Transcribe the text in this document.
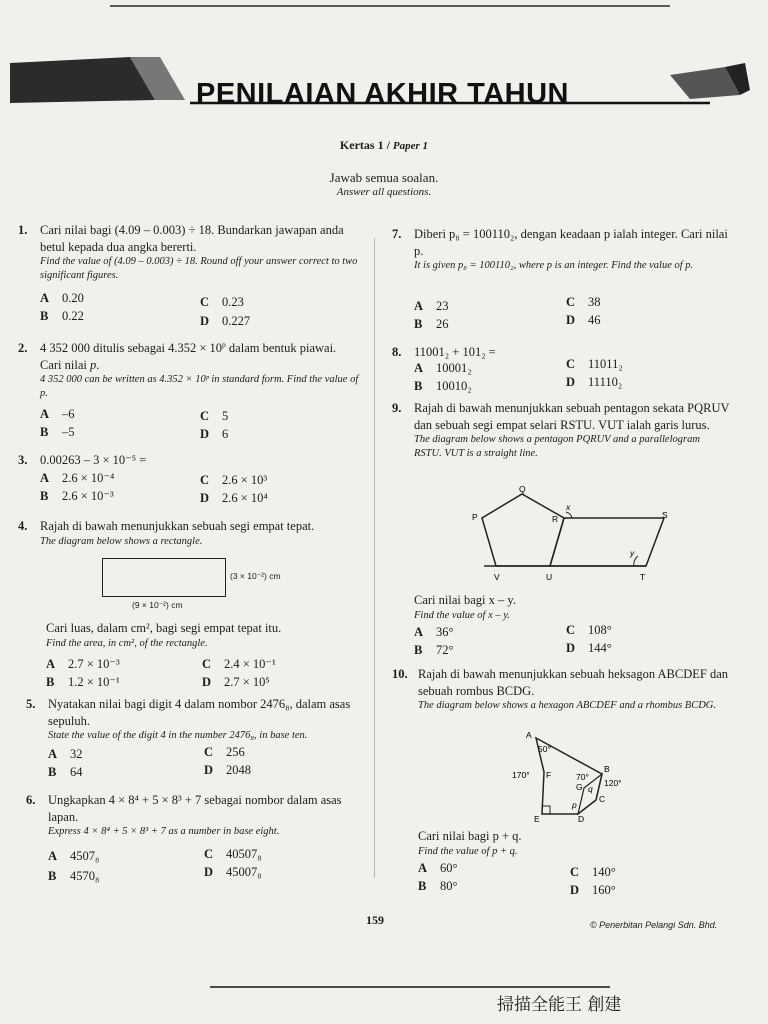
PENILAIAN AKHIR TAHUN
Kertas 1 / Paper 1
Jawab semua soalan.
Answer all questions.
1. Cari nilai bagi (4.09 – 0.003) ÷ 18. Bundarkan jawapan anda betul kepada dua angka bererti.
Find the value of (4.09 – 0.003) ÷ 18. Round off your answer correct to two significant figures.
A 0.20
B 0.22
C 0.23
D 0.227
2. 4 352 000 ditulis sebagai $4.352 \times 10^p$ dalam bentuk piawai. Cari nilai p.
4 352 000 can be written as 4.352 × 10ᵖ in standard form. Find the value of p.
A –6
B –5
C 5
D 6
3. 0.00263 – 3 × 10⁻⁵ =
A 2.6 × 10⁻⁴
B 2.6 × 10⁻³
C 2.6 × 10³
D 2.6 × 10⁴
4. Rajah di bawah menunjukkan sebuah segi empat tepat.
The diagram below shows a rectangle.
(3 × 10⁻²) cm
(9 × 10⁻²) cm
Cari luas, dalam cm², bagi segi empat tepat itu.
Find the area, in cm², of the rectangle.
A 2.7 × 10⁻³
B 1.2 × 10⁻¹
C 2.4 × 10⁻¹
D 2.7 × 10⁵
5. Nyatakan nilai bagi digit 4 dalam nombor 2476₈, dalam asas sepuluh.
State the value of the digit 4 in the number 2476₈, in base ten.
A 32
B 64
C 256
D 2048
6. Ungkapkan 4 × 8⁴ + 5 × 8³ + 7 sebagai nombor dalam asas lapan.
Express 4 × 8⁴ + 5 × 8³ + 7 as a number in base eight.
A 4507₈
B 4570₈
C 40507₈
D 45007₈
7. Diberi p₈ = 100110₂, dengan keadaan p ialah integer. Cari nilai p.
It is given p₈ = 100110₂, where p is an integer. Find the value of p.
A 23
B 26
C 38
D 46
8. 11001₂ + 101₂ =
A 10001₂
B 10010₂
C 11011₂
D 11110₂
9. Rajah di bawah menunjukkan sebuah pentagon sekata PQRUV dan sebuah segi empat selari RSTU. VUT ialah garis lurus.
The diagram below shows a pentagon PQRUV and a parallelogram RSTU. VUT is a straight line.
Q
P	R	S
V	U	T
x
y
Cari nilai bagi x – y.
Find the value of x – y.
A 36°
B 72°
C 108°
D 144°
10. Rajah di bawah menunjukkan sebuah heksagon ABCDEF dan sebuah rombus BCDG.
The diagram below shows a hexagon ABCDEF and a rhombus BCDG.
A
B
C
D
E
F
G
p
q
50°
170°	70°
120°
Cari nilai bagi p + q.
Find the value of p + q.
A 60°
B 80°
C 140°
D 160°
159	© Penerbitan Pelangi Sdn. Bhd.
掃描全能王 創建
